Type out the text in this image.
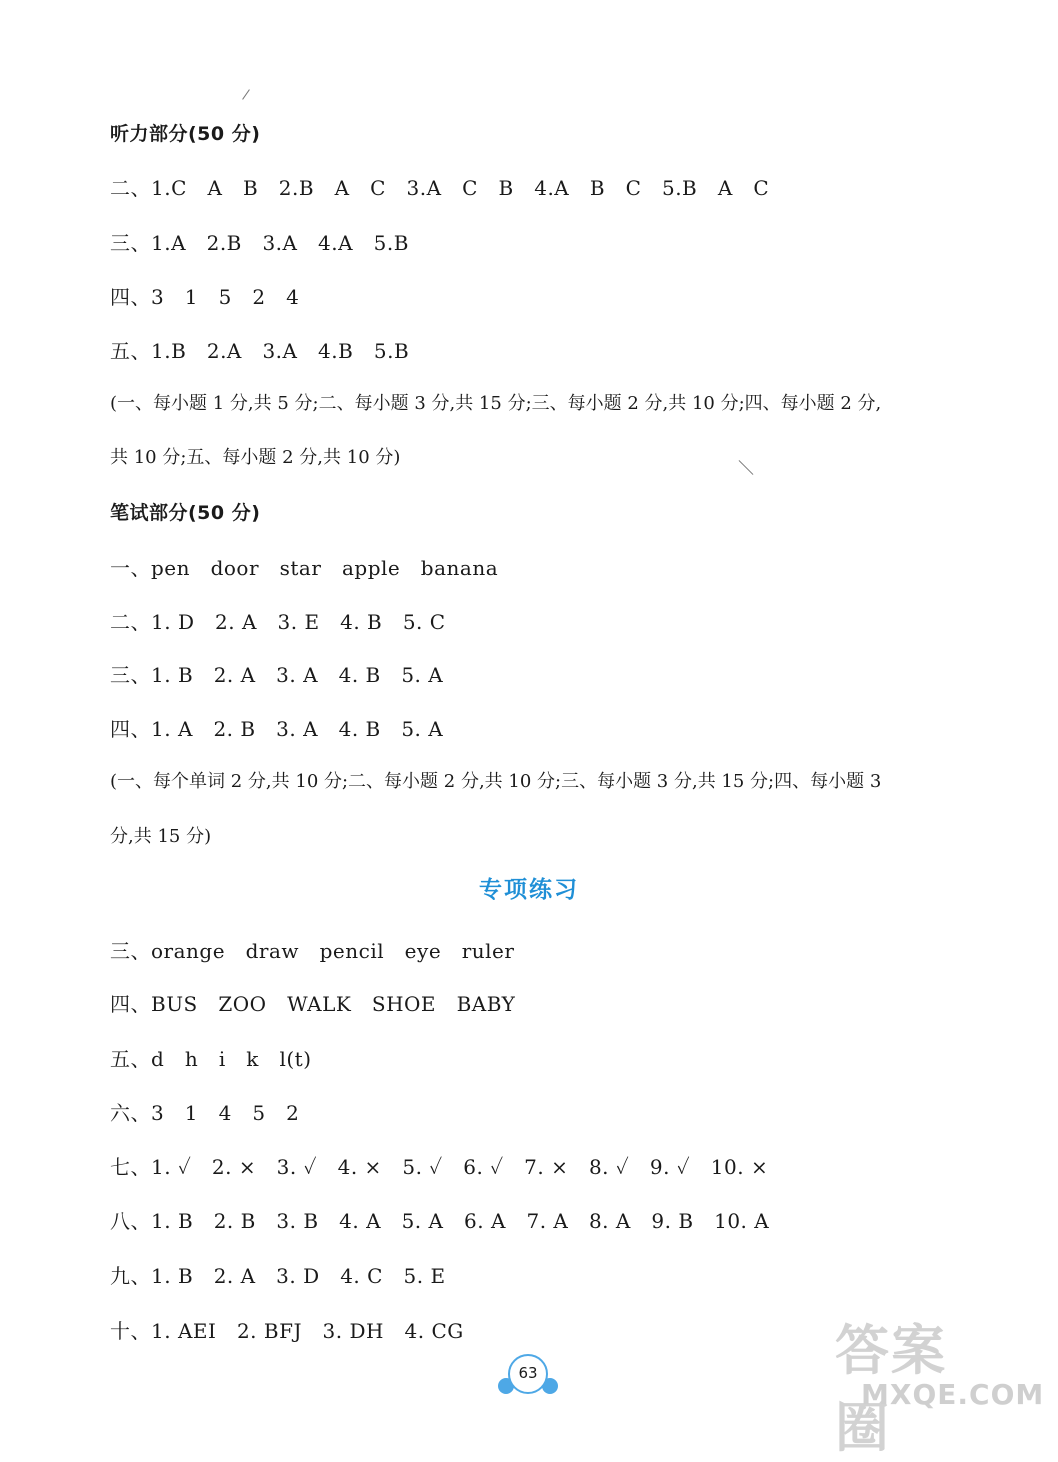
听力部分(50 分)
二、1.C   A   B   2.B   A   C   3.A   C   B   4.A   B   C   5.B   A   C
三、1.A   2.B   3.A   4.A   5.B
四、3   1   5   2   4
五、1.B   2.A   3.A   4.B   5.B
(一、每小题 1 分,共 5 分;二、每小题 3 分,共 15 分;三、每小题 2 分,共 10 分;四、每小题 2 分,
共 10 分;五、每小题 2 分,共 10 分)
笔试部分(50 分)
一、pen   door   star   apple   banana
二、1. D   2. A   3. E   4. B   5. C
三、1. B   2. A   3. A   4. B   5. A
四、1. A   2. B   3. A   4. B   5. A
(一、每个单词 2 分,共 10 分;二、每小题 2 分,共 10 分;三、每小题 3 分,共 15 分;四、每小题 3
分,共 15 分)
专项练习
三、orange   draw   pencil   eye   ruler
四、BUS   ZOO   WALK   SHOE   BABY
五、d   h   i   k   l(t)
六、3   1   4   5   2
七、1. ✓   2. ×   3. ✓   4. ×   5. ✓   6. ✓   7. ×   8. ✓   9. ✓   10. ×
八、1. B   2. B   3. B   4. A   5. A   6. A   7. A   8. A   9. B   10. A
九、1. B   2. A   3. D   4. C   5. E
十、1. AEI   2. BFJ   3. DH   4. CG
63	答案圈
MXQE.COM
